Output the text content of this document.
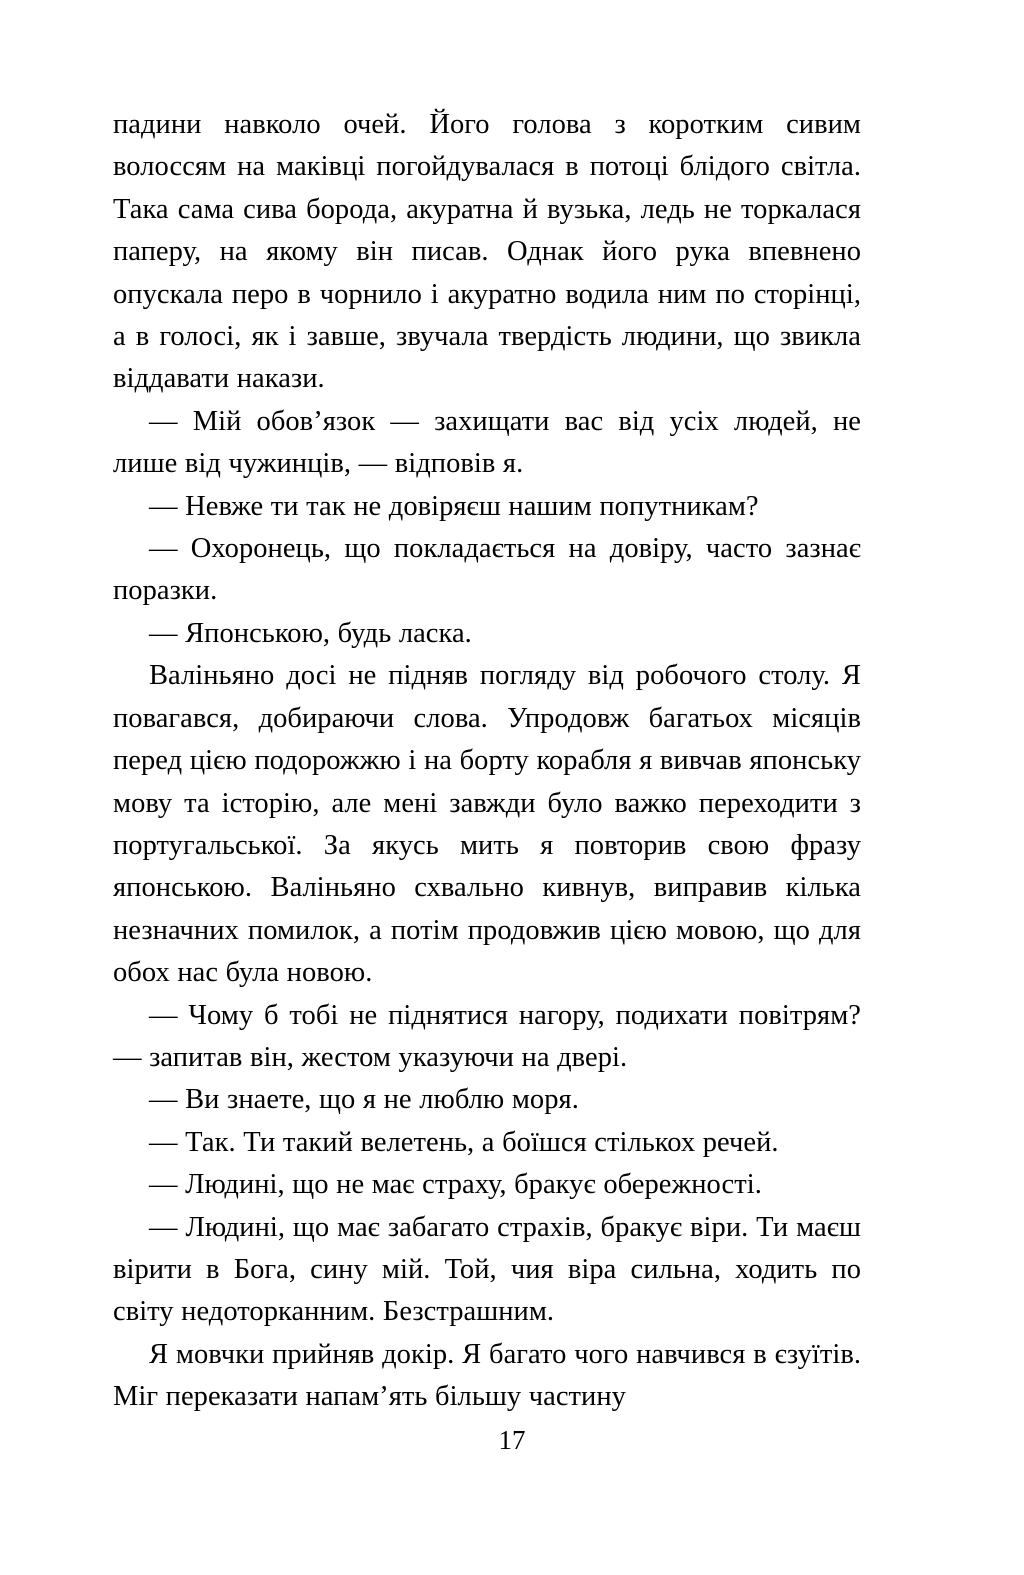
падини навколо очей. Його голова з коротким сивим волоссям на маківці погойдувалася в потоці блідого світла. Така сама сива борода, акуратна й вузька, ледь не торкалася паперу, на якому він писав. Однак його рука впевнено опускала перо в чорнило і акуратно водила ним по сторінці, а в голосі, як і завше, звучала твердість людини, що звикла віддавати накази.

— Мій обов’язок — захищати вас від усіх людей, не лише від чужинців, — відповів я.

— Невже ти так не довіряєш нашим попутникам?

— Охоронець, що покладається на довіру, часто зазнає поразки.

— Японською, будь ласка.

Валіньяно досі не підняв погляду від робочого столу. Я повагався, добираючи слова. Упродовж багатьох місяців перед цією подорожжю і на борту корабля я вивчав японську мову та історію, але мені завжди було важко переходити з португальської. За якусь мить я повторив свою фразу японською. Валіньяно схвально кивнув, виправив кілька незначних помилок, а потім продовжив цією мовою, що для обох нас була новою.

— Чому б тобі не піднятися нагору, подихати повітрям? — запитав він, жестом указуючи на двері.

— Ви знаете, що я не люблю моря.

— Так. Ти такий велетень, а боїшся стількох речей.

— Людині, що не має страху, бракує обережності.

— Людині, що має забагато страхів, бракує віри. Ти маєш вірити в Бога, сину мій. Той, чия віра сильна, ходить по світу недоторканним. Безстрашним.

Я мовчки прийняв докір. Я багато чого навчився в єзуїтів. Міг переказати напам’ять більшу частину

17
